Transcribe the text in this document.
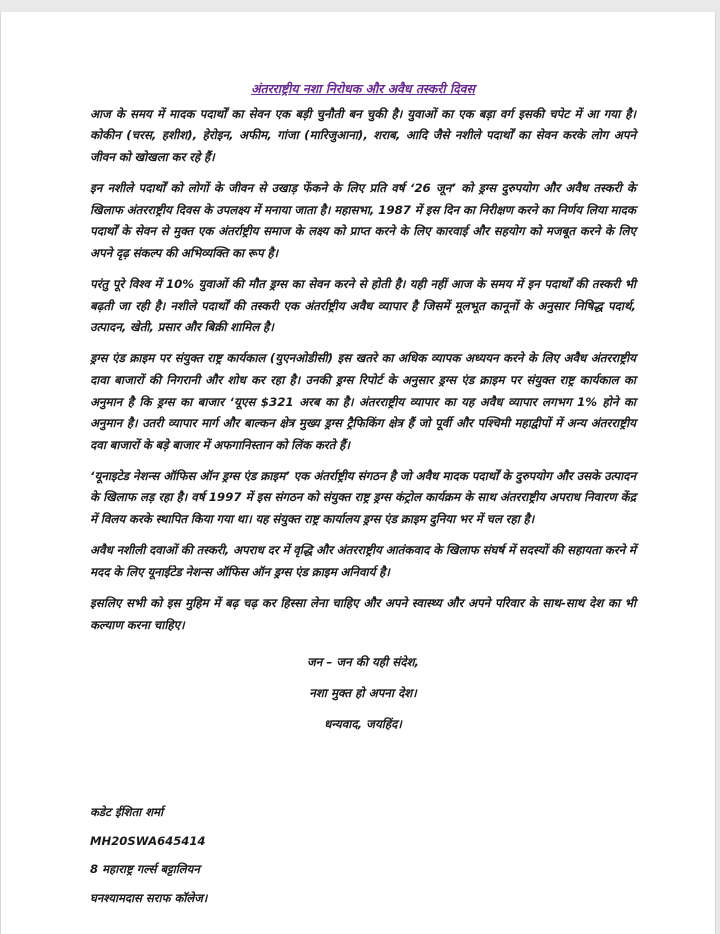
अंतरराष्ट्रीय नशा निरोधक और अवैध तस्करी दिवस

आज के समय में मादक पदार्थों का सेवन एक बड़ी चुनौती बन चुकी है। युवाओं का एक बड़ा वर्ग इसकी चपेट में आ गया है। कोकीन (चरस, हशीश), हेरोइन, अफीम, गांजा (मारिजुआना), शराब, आदि जैसे नशीले पदार्थों का सेवन करके लोग अपने जीवन को खोखला कर रहे हैं।

इन नशीले पदार्थों को लोगों के जीवन से उखाड़ फेंकने के लिए प्रति वर्ष ‘26 जून’ को ड्रग्स दुरुपयोग और अवैध तस्करी के खिलाफ अंतरराष्ट्रीय दिवस के उपलक्ष्य में मनाया जाता है। महासभा, 1987 में इस दिन का निरीक्षण करने का निर्णय लिया मादक पदार्थों के सेवन से मुक्त एक अंतर्राष्ट्रीय समाज के लक्ष्य को प्राप्त करने के लिए कारवाई और सहयोग को मजबूत करने के लिए अपने दृढ़ संकल्प की अभिव्यक्ति का रूप है।

परंतु पूरे विश्व में 10% युवाओं की मौत ड्रग्स का सेवन करने से होती है। यही नहीं आज के समय में इन पदार्थों की तस्करी भी बढ़ती जा रही है। नशीले पदार्थों की तस्करी एक अंतर्राष्ट्रीय अवैध व्यापार है जिसमें मूलभूत कानूनों के अनुसार निषिद्ध पदार्थ, उत्पादन, खेती, प्रसार और बिक्री शामिल है।

ड्रग्स एंड क्राइम पर संयुक्त राष्ट्र कार्यकाल (युएनओडीसी) इस खतरे का अधिक व्यापक अध्ययन करने के लिए अवैध अंतरराष्ट्रीय दावा बाजारों की निगरानी और शोध कर रहा है। उनकी ड्रग्स रिपोर्ट के अनुसार ड्रग्स एंड क्राइम पर संयुक्त राष्ट्र कार्यकाल का अनुमान है कि ड्रग्स का बाजार ‘यूएस $321 अरब का है। अंतरराष्ट्रीय व्यापार का यह अवैध व्यापार लगभग 1% होने का अनुमान है। उतरी व्यापार मार्ग और बाल्कन क्षेत्र मुख्य ड्रग्स ट्रैफिकिंग क्षेत्र हैं जो पूर्वी और पश्चिमी महाद्वीपों में अन्य अंतरराष्ट्रीय दवा बाजारों के बड़े बाजार में अफगानिस्तान को लिंक करते हैं।

‘यूनाइटेड नेशन्स ऑफिस ऑन ड्रग्स एंड क्राइम’ एक अंतर्राष्ट्रीय संगठन है जो अवैध मादक पदार्थों के दुरुपयोग और उसके उत्पादन के खिलाफ लड़ रहा है। वर्ष 1997 में इस संगठन को संयुक्त राष्ट्र ड्रग्स कंट्रोल कार्यक्रम के साथ अंतरराष्ट्रीय अपराध निवारण केंद्र में विलय करके स्थापित किया गया था। यह संयुक्त राष्ट्र कार्यालय ड्रग्स एंड क्राइम दुनिया भर में चल रहा है।

अवैध नशीली दवाओं की तस्करी, अपराध दर में वृद्धि और अंतरराष्ट्रीय आतंकवाद के खिलाफ संघर्ष में सदस्यों की सहायता करने में मदद के लिए यूनाईटेड नेशन्स ऑफिस ऑन ड्रग्स एंड क्राइम अनिवार्य है।

इसलिए सभी को इस मुहिम में बढ़ चढ़ कर हिस्सा लेना चाहिए और अपने स्वास्थ्य और अपने परिवार के साथ-साथ देश का भी कल्याण करना चाहिए।

जन – जन की यही संदेश,

नशा मुक्त हो अपना देश।

धन्यवाद, जयहिंद।

कडेट ईशिता शर्मा

MH20SWA645414

8 महाराष्ट्र गर्ल्स बट्टालियन

घनश्यामदास सराफ कॉलेज।
